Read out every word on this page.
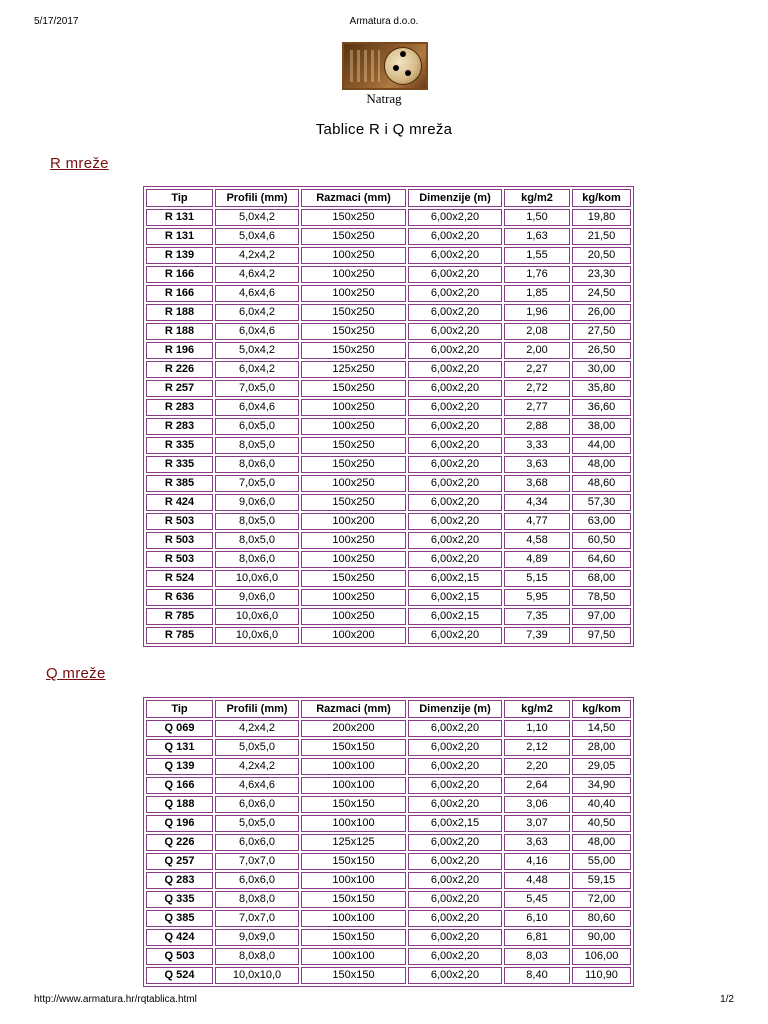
5/17/2017	Armatura d.o.o.
Natrag
Tablice R i Q mreža
R mreže
Tip	Profili (mm)	Razmaci (mm)	Dimenzije (m)	kg/m2	kg/kom
R 131	5,0x4,2	150x250	6,00x2,20	1,50	19,80
R 131	5,0x4,6	150x250	6,00x2,20	1,63	21,50
R 139	4,2x4,2	100x250	6,00x2,20	1,55	20,50
R 166	4,6x4,2	100x250	6,00x2,20	1,76	23,30
R 166	4,6x4,6	100x250	6,00x2,20	1,85	24,50
R 188	6,0x4,2	150x250	6,00x2,20	1,96	26,00
R 188	6,0x4,6	150x250	6,00x2,20	2,08	27,50
R 196	5,0x4,2	150x250	6,00x2,20	2,00	26,50
R 226	6,0x4,2	125x250	6,00x2,20	2,27	30,00
R 257	7,0x5,0	150x250	6,00x2,20	2,72	35,80
R 283	6,0x4,6	100x250	6,00x2,20	2,77	36,60
R 283	6,0x5,0	100x250	6,00x2,20	2,88	38,00
R 335	8,0x5,0	150x250	6,00x2,20	3,33	44,00
R 335	8,0x6,0	150x250	6,00x2,20	3,63	48,00
R 385	7,0x5,0	100x250	6,00x2,20	3,68	48,60
R 424	9,0x6,0	150x250	6,00x2,20	4,34	57,30
R 503	8,0x5,0	100x200	6,00x2,20	4,77	63,00
R 503	8,0x5,0	100x250	6,00x2,20	4,58	60,50
R 503	8,0x6,0	100x250	6,00x2,20	4,89	64,60
R 524	10,0x6,0	150x250	6,00x2,15	5,15	68,00
R 636	9,0x6,0	100x250	6,00x2,15	5,95	78,50
R 785	10,0x6,0	100x250	6,00x2,15	7,35	97,00
R 785	10,0x6,0	100x200	6,00x2,20	7,39	97,50
Q mreže
Tip	Profili (mm)	Razmaci (mm)	Dimenzije (m)	kg/m2	kg/kom
Q 069	4,2x4,2	200x200	6,00x2,20	1,10	14,50
Q 131	5,0x5,0	150x150	6,00x2,20	2,12	28,00
Q 139	4,2x4,2	100x100	6,00x2,20	2,20	29,05
Q 166	4,6x4,6	100x100	6,00x2,20	2,64	34,90
Q 188	6,0x6,0	150x150	6,00x2,20	3,06	40,40
Q 196	5,0x5,0	100x100	6,00x2,15	3,07	40,50
Q 226	6,0x6,0	125x125	6,00x2,20	3,63	48,00
Q 257	7,0x7,0	150x150	6,00x2,20	4,16	55,00
Q 283	6,0x6,0	100x100	6,00x2,20	4,48	59,15
Q 335	8,0x8,0	150x150	6,00x2,20	5,45	72,00
Q 385	7,0x7,0	100x100	6,00x2,20	6,10	80,60
Q 424	9,0x9,0	150x150	6,00x2,20	6,81	90,00
Q 503	8,0x8,0	100x100	6,00x2,20	8,03	106,00
Q 524	10,0x10,0	150x150	6,00x2,20	8,40	110,90
http://www.armatura.hr/rqtablica.html	1/2
